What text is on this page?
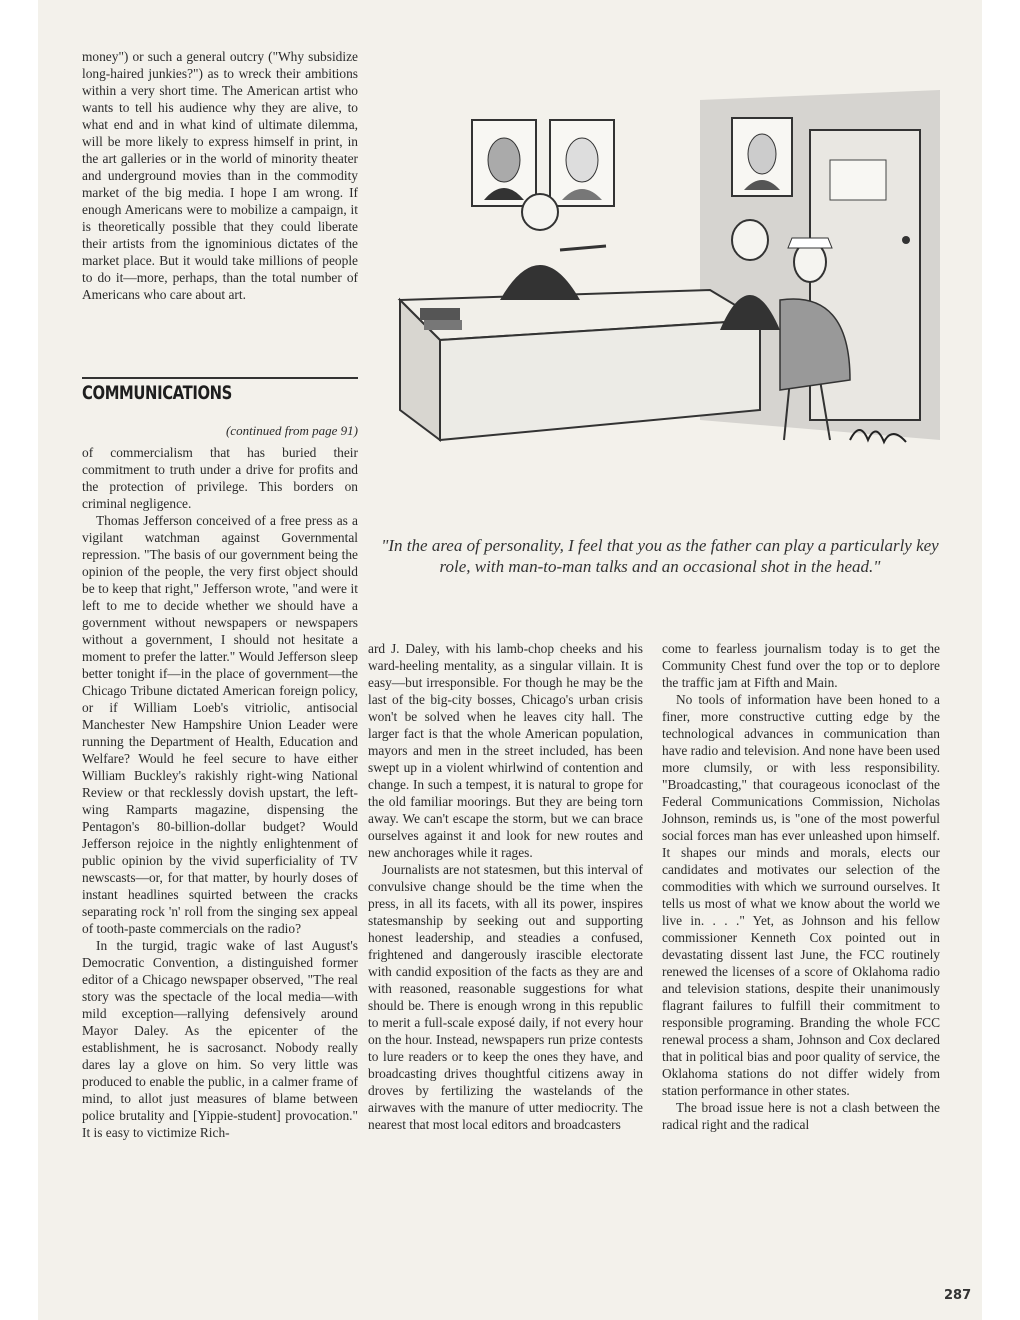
money") or such a general outcry ("Why subsidize long-haired junkies?") as to wreck their ambitions within a very short time. The American artist who wants to tell his audience why they are alive, to what end and in what kind of ultimate dilemma, will be more likely to express himself in print, in the art galleries or in the world of minority theater and underground movies than in the commodity market of the big media. I hope I am wrong. If enough Americans were to mobilize a campaign, it is theoretically possible that they could liberate their artists from the ignominious dictates of the market place. But it would take millions of people to do it—more, perhaps, than the total number of Americans who care about art.

COMMUNICATIONS
(continued from page 91)

of commercialism that has buried their commitment to truth under a drive for profits and the protection of privilege. This borders on criminal negligence.

Thomas Jefferson conceived of a free press as a vigilant watchman against Governmental repression. "The basis of our government being the opinion of the people, the very first object should be to keep that right," Jefferson wrote, "and were it left to me to decide whether we should have a government without newspapers or newspapers without a government, I should not hesitate a moment to prefer the latter." Would Jefferson sleep better tonight if—in the place of government—the Chicago Tribune dictated American foreign policy, or if William Loeb's vitriolic, antisocial Manchester New Hampshire Union Leader were running the Department of Health, Education and Welfare? Would he feel secure to have either William Buckley's rakishly right-wing National Review or that recklessly dovish upstart, the left-wing Ramparts magazine, dispensing the Pentagon's 80-billion-dollar budget? Would Jefferson rejoice in the nightly enlightenment of public opinion by the vivid superficiality of TV newscasts—or, for that matter, by hourly doses of instant headlines squirted between the cracks separating rock 'n' roll from the singing sex appeal of tooth-paste commercials on the radio?

In the turgid, tragic wake of last August's Democratic Convention, a distinguished former editor of a Chicago newspaper observed, "The real story was the spectacle of the local media—with mild exception—rallying defensively around Mayor Daley. As the epicenter of the establishment, he is sacrosanct. Nobody really dares lay a glove on him. So very little was produced to enable the public, in a calmer frame of mind, to allot just measures of blame between police brutality and [Yippie-student] provocation." It is easy to victimize Rich-

ard J. Daley, with his lamb-chop cheeks and his ward-heeling mentality, as a singular villain. It is easy—but irresponsible. For though he may be the last of the big-city bosses, Chicago's urban crisis won't be solved when he leaves city hall. The larger fact is that the whole American population, mayors and men in the street included, has been swept up in a violent whirlwind of contention and change. In such a tempest, it is natural to grope for the old familiar moorings. But they are being torn away. We can't escape the storm, but we can brace ourselves against it and look for new routes and new anchorages while it rages.

Journalists are not statesmen, but this interval of convulsive change should be the time when the press, in all its facets, with all its power, inspires statesmanship by seeking out and supporting honest leadership, and steadies a confused, frightened and dangerously irascible electorate with candid exposition of the facts as they are and with reasoned, reasonable suggestions for what should be. There is enough wrong in this republic to merit a full-scale exposé daily, if not every hour on the hour. Instead, newspapers run prize contests to lure readers or to keep the ones they have, and broadcasting drives thoughtful citizens away in droves by fertilizing the wastelands of the airwaves with the manure of utter mediocrity. The nearest that most local editors and broadcasters

come to fearless journalism today is to get the Community Chest fund over the top or to deplore the traffic jam at Fifth and Main.

No tools of information have been honed to a finer, more constructive cutting edge by the technological advances in communication than have radio and television. And none have been used more clumsily, or with less responsibility. "Broadcasting," that courageous iconoclast of the Federal Communications Commission, Nicholas Johnson, reminds us, is "one of the most powerful social forces man has ever unleashed upon himself. It shapes our minds and morals, elects our candidates and motivates our selection of the commodities with which we surround ourselves. It tells us most of what we know about the world we live in. . . ." Yet, as Johnson and his fellow commissioner Kenneth Cox pointed out in devastating dissent last June, the FCC routinely renewed the licenses of a score of Oklahoma radio and television stations, despite their unanimously flagrant failures to fulfill their commitment to responsible programing. Branding the whole FCC renewal process a sham, Johnson and Cox declared that in political bias and poor quality of service, the Oklahoma stations do not differ widely from station performance in other states.

The broad issue here is not a clash between the radical right and the radical

"In the area of personality, I feel that you as the father can play a particularly key role, with man-to-man talks and an occasional shot in the head."
287
